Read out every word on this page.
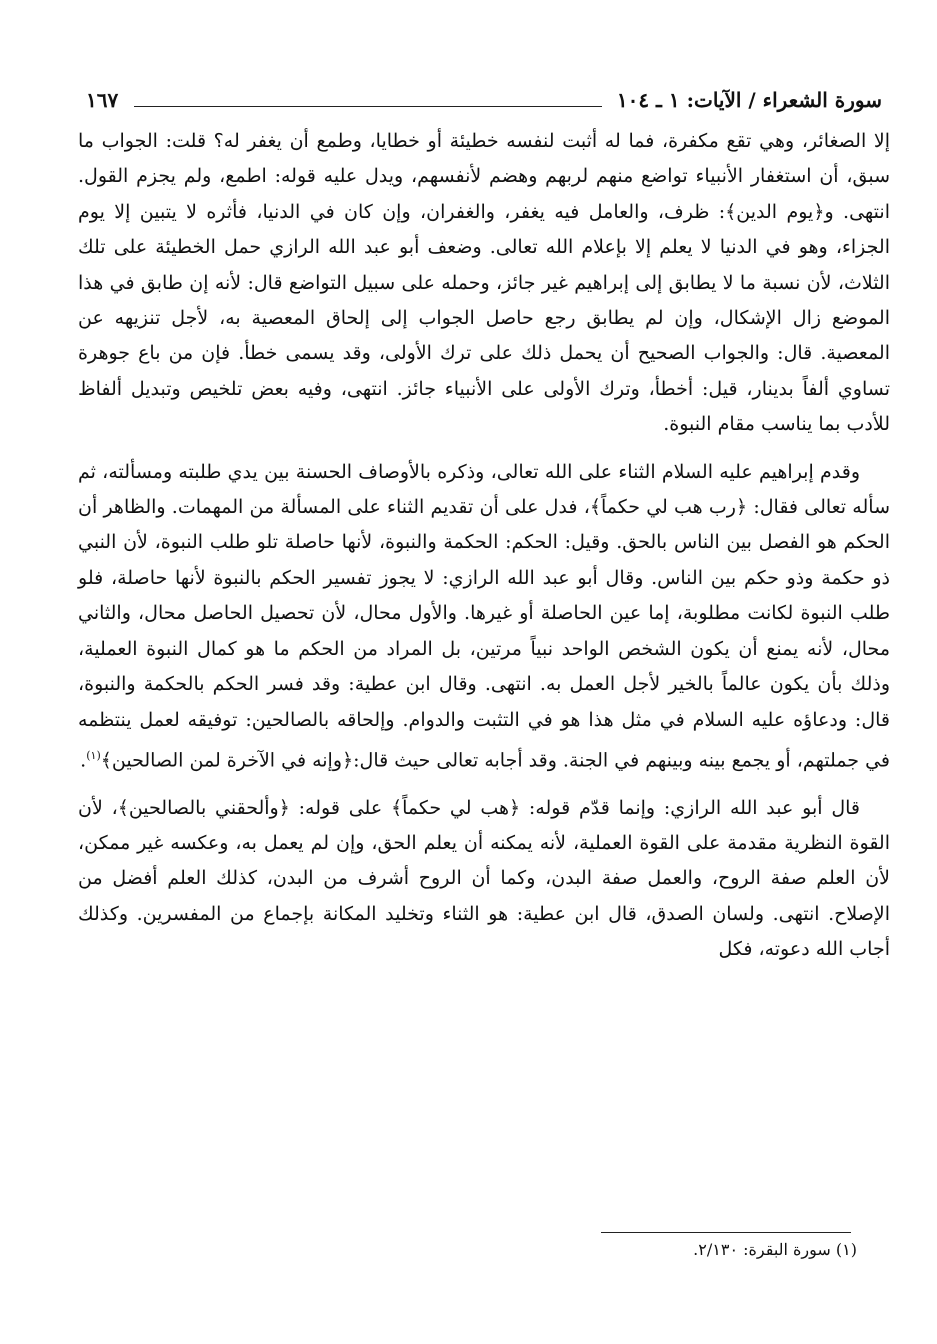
سورة الشعراء / الآيات: ١ ـ ١٠٤
١٦٧

إلا الصغائر، وهي تقع مكفرة، فما له أثبت لنفسه خطيئة أو خطايا، وطمع أن يغفر له؟ قلت: الجواب ما سبق، أن استغفار الأنبياء تواضع منهم لربهم وهضم لأنفسهم، ويدل عليه قوله: اطمع، ولم يجزم القول. انتهى. و﴿يوم الدين﴾: ظرف، والعامل فيه يغفر، والغفران، وإن كان في الدنيا، فأثره لا يتبين إلا يوم الجزاء، وهو في الدنيا لا يعلم إلا بإعلام الله تعالى. وضعف أبو عبد الله الرازي حمل الخطيئة على تلك الثلاث، لأن نسبة ما لا يطابق إلى إبراهيم غير جائز، وحمله على سبيل التواضع قال: لأنه إن طابق في هذا الموضع زال الإشكال، وإن لم يطابق رجع حاصل الجواب إلى إلحاق المعصية به، لأجل تنزيهه عن المعصية. قال: والجواب الصحيح أن يحمل ذلك على ترك الأولى، وقد يسمى خطأ. فإن من باع جوهرة تساوي ألفاً بدينار، قيل: أخطأ، وترك الأولى على الأنبياء جائز. انتهى، وفيه بعض تلخيص وتبديل ألفاظ للأدب بما يناسب مقام النبوة.

وقدم إبراهيم عليه السلام الثناء على الله تعالى، وذكره بالأوصاف الحسنة بين يدي طلبته ومسألته، ثم سأله تعالى فقال: ﴿رب هب لي حكماً﴾، فدل على أن تقديم الثناء على المسألة من المهمات. والظاهر أن الحكم هو الفصل بين الناس بالحق. وقيل: الحكم: الحكمة والنبوة، لأنها حاصلة تلو طلب النبوة، لأن النبي ذو حكمة وذو حكم بين الناس. وقال أبو عبد الله الرازي: لا يجوز تفسير الحكم بالنبوة لأنها حاصلة، فلو طلب النبوة لكانت مطلوبة، إما عين الحاصلة أو غيرها. والأول محال، لأن تحصيل الحاصل محال، والثاني محال، لأنه يمنع أن يكون الشخص الواحد نبياً مرتين، بل المراد من الحكم ما هو كمال النبوة العملية، وذلك بأن يكون عالماً بالخير لأجل العمل به. انتهى. وقال ابن عطية: وقد فسر الحكم بالحكمة والنبوة، قال: ودعاؤه عليه السلام في مثل هذا هو في التثبت والدوام. وإلحاقه بالصالحين: توفيقه لعمل ينتظمه في جملتهم، أو يجمع بينه وبينهم في الجنة. وقد أجابه تعالى حيث قال:﴿وإنه في الآخرة لمن الصالحين﴾$^{(١)}$.

قال أبو عبد الله الرازي: وإنما قدّم قوله: ﴿هب لي حكماً﴾ على قوله: ﴿وألحقني بالصالحين﴾، لأن القوة النظرية مقدمة على القوة العملية، لأنه يمكنه أن يعلم الحق، وإن لم يعمل به، وعكسه غير ممكن، لأن العلم صفة الروح، والعمل صفة البدن، وكما أن الروح أشرف من البدن، كذلك العلم أفضل من الإصلاح. انتهى. ولسان الصدق، قال ابن عطية: هو الثناء وتخليد المكانة بإجماع من المفسرين. وكذلك أجاب الله دعوته، فكل

(١) سورة البقرة: ٢/١٣٠.
